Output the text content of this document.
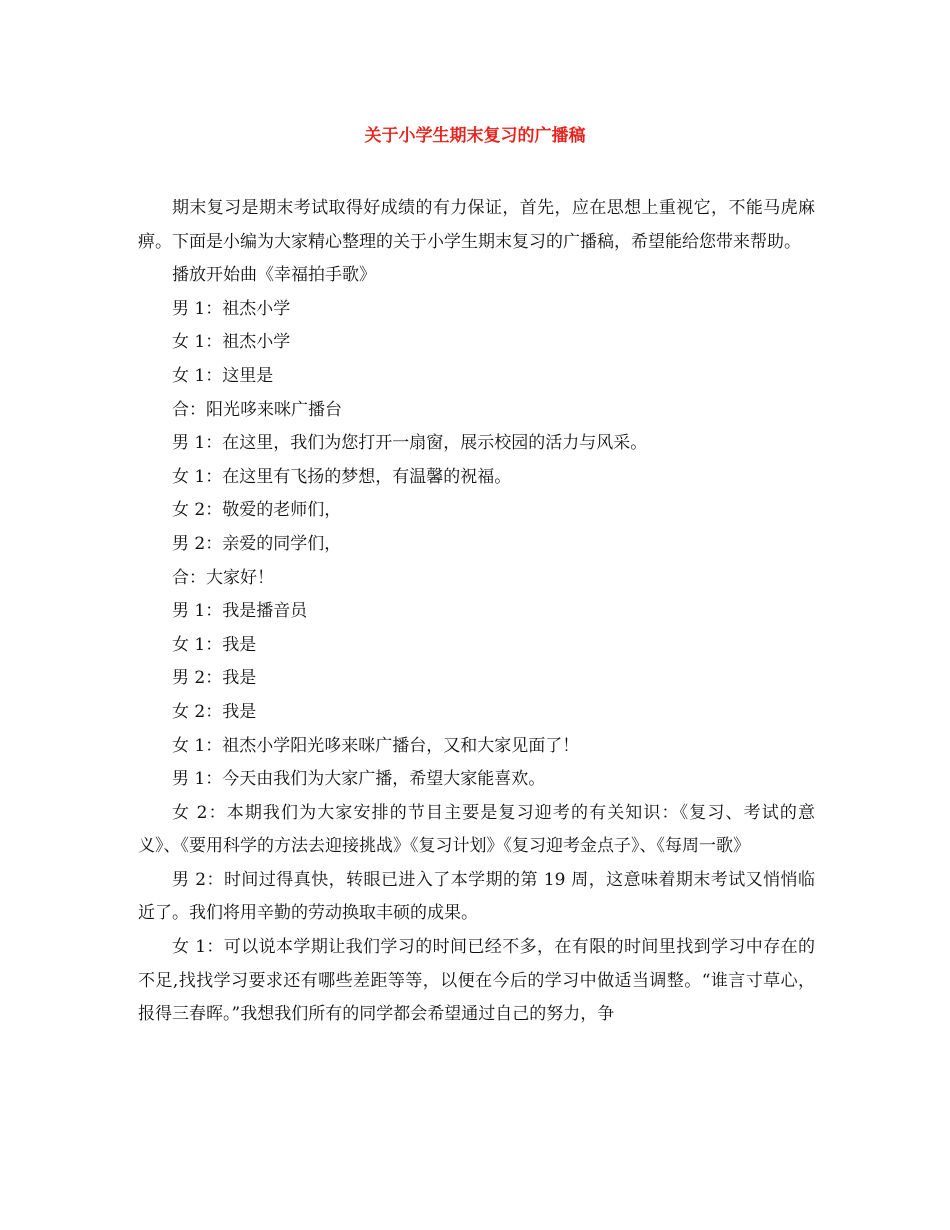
关于小学生期末复习的广播稿

期末复习是期末考试取得好成绩的有力保证，首先，应在思想上重视它，不能马虎麻痹。下面是小编为大家精心整理的关于小学生期末复习的广播稿，希望能给您带来帮助。

播放开始曲《幸福拍手歌》

男 1：祖杰小学

女 1：祖杰小学

女 1：这里是

合：阳光哆来咪广播台

男 1：在这里，我们为您打开一扇窗，展示校园的活力与风采。

女 1：在这里有飞扬的梦想，有温馨的祝福。

女 2：敬爱的老师们，

男 2：亲爱的同学们，

合：大家好！

男 1：我是播音员

女 1：我是

男 2：我是

女 2：我是

女 1：祖杰小学阳光哆来咪广播台，又和大家见面了！

男 1：今天由我们为大家广播，希望大家能喜欢。

女 2：本期我们为大家安排的节目主要是复习迎考的有关知识：《复习、考试的意义》、《要用科学的方法去迎接挑战》《复习计划》《复习迎考金点子》、《每周一歌》

男 2：时间过得真快，转眼已进入了本学期的第 19 周，这意味着期末考试又悄悄临近了。我们将用辛勤的劳动换取丰硕的成果。

女 1：可以说本学期让我们学习的时间已经不多，在有限的时间里找到学习中存在的不足,找找学习要求还有哪些差距等等，以便在今后的学习中做适当调整。“谁言寸草心，报得三春晖。”我想我们所有的同学都会希望通过自己的努力，争
